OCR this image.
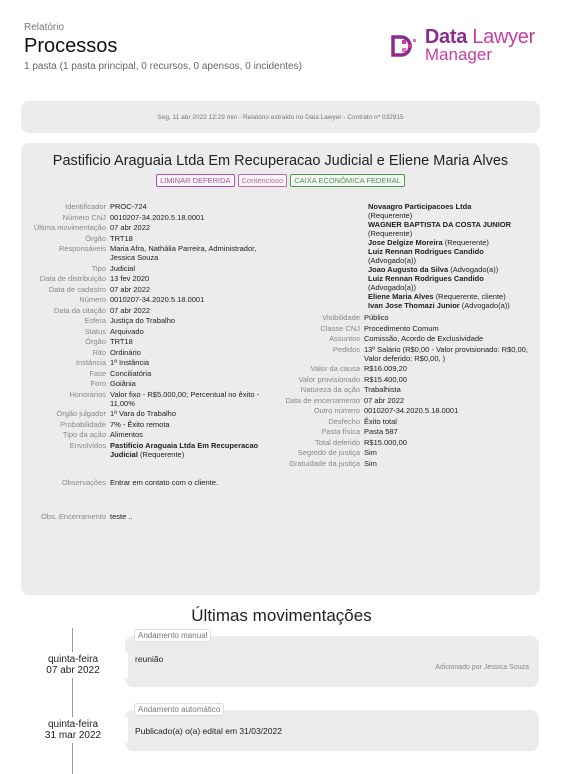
Relatório
Processos
1 pasta (1 pasta principal, 0 recursos, 0 apensos, 0 incidentes)
Data Lawyer
Manager
Seg, 11 abr 2022 12:29 min - Relatório extraído no Data Lawyer - Contrato nº 032915
Pastificio Araguaia Ltda Em Recuperacao Judicial e Eliene Maria Alves
LIMINAR DEFERIDA	Contencioso	CAIXA ECONÔMICA FEDERAL
Identificador PROC-724
Número CNJ 0010207-34.2020.5.18.0001
Última movimentação 07 abr 2022
Órgão TRT18
Responsáveis Maria Afra, Nathália Parreira, Administrador, Jessica Souza
Tipo Judicial
Data de distribuição 13 fev 2020
Data de cadastro 07 abr 2022
Número 0010207-34.2020.5.18.0001
Data da citação 07 abr 2022
Esfera Justiça do Trabalho
Status Arquivado
Órgão TRT18
Rito Ordinário
Instância 1ª Instância
Fase Conciliatória
Foro Goiânia
Honorários Valor fixo - R$5.000,00; Percentual no êxito - 11,00%
Órgão julgador 1ª Vara do Trabalho
Probabilidade 7% - Êxito remota
Tipo da ação Alimentos
Envolvidos Pastificio Araguaia Ltda Em Recuperacao Judicial (Requerente)
Observações Entrar em contato com o cliente.
Obs. Encerramento teste ..
Novaagro Participacoes Ltda
(Requerente)
WAGNER BAPTISTA DA COSTA JUNIOR
(Requerente)
Jose Delgize Moreira (Requerente)
Luiz Rennan Rodrigues Candido
(Advogado(a))
Joao Augusto da Silva (Advogado(a))
Luiz Rennan Rodrigues Candido
(Advogado(a))
Eliene Maria Alves (Requerente, cliente)
Ivan Jose Thomazi Junior (Advogado(a))
Visibilidade Público
Classe CNJ Procedimento Comum
Assuntos Comissão, Acordo de Exclusividade
Pedidos 13º Salário (R$0,00 - Valor provisionado: R$0,00, Valor deferido: R$0,00, )
Valor da causa R$16.009,20
Valor provisionado R$15.400,00
Natureza da ação Trabalhista
Data de encerramento 07 abr 2022
Outro número 0010207-34.2020.5.18.0001
Desfecho Êxito total
Pasta física Pasta 587
Total deferido R$15.000,00
Segredo de justiça Sim
Gratuidade da justiça Sim
Últimas movimentações
reunião
Adicionado por Jessica Souza
Andamento manual
quinta-feira
07 abr 2022
Publicado(a) o(a) edital em 31/03/2022
Andamento automático
quinta-feira
31 mar 2022
